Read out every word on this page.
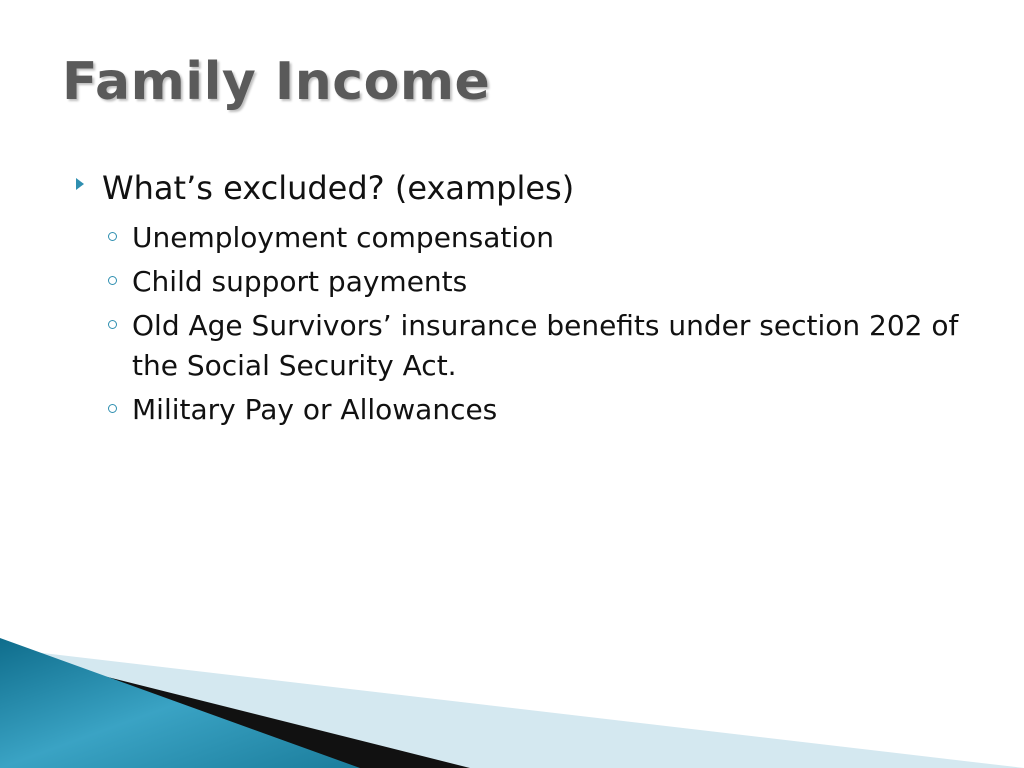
Family Income
What’s excluded? (examples)
Unemployment compensation
Child support payments
Old Age Survivors’ insurance benefits under section 202 of the Social Security Act.
Military Pay or Allowances
